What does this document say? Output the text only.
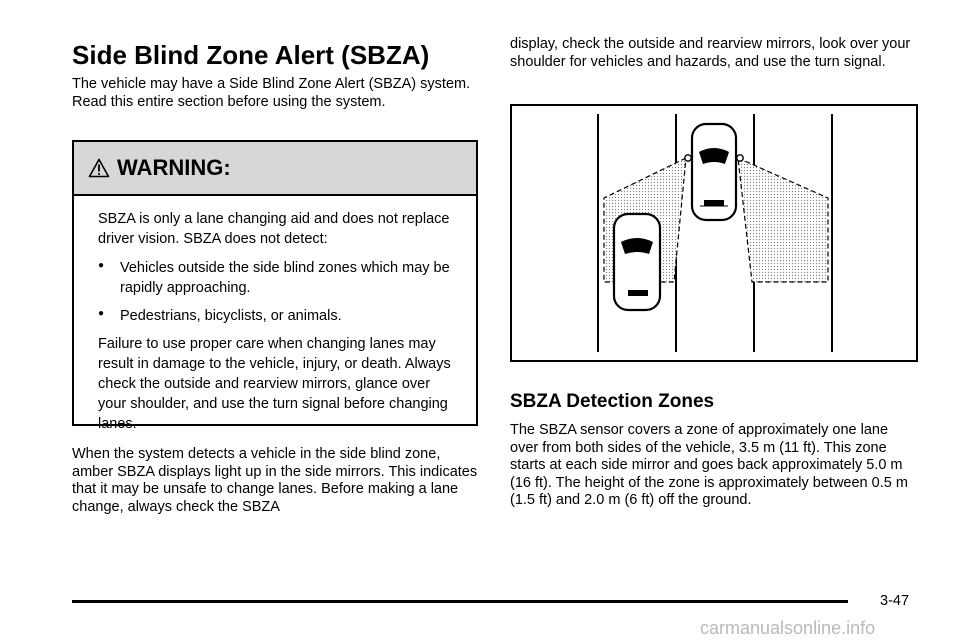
Side Blind Zone Alert (SBZA)

The vehicle may have a Side Blind Zone Alert (SBZA) system. Read this entire section before using the system.

WARNING:

SBZA is only a lane changing aid and does not replace driver vision. SBZA does not detect:

●	Vehicles outside the side blind zones which may be rapidly approaching.
●	Pedestrians, bicyclists, or animals.

Failure to use proper care when changing lanes may result in damage to the vehicle, injury, or death. Always check the outside and rearview mirrors, glance over your shoulder, and use the turn signal before changing lanes.

When the system detects a vehicle in the side blind zone, amber SBZA displays light up in the side mirrors. This indicates that it may be unsafe to change lanes. Before making a lane change, always check the SBZA

display, check the outside and rearview mirrors, look over your shoulder for vehicles and hazards, and use the turn signal.

SBZA Detection Zones

The SBZA sensor covers a zone of approximately one lane over from both sides of the vehicle, 3.5 m (11 ft). This zone starts at each side mirror and goes back approximately 5.0 m (16 ft). The height of the zone is approximately between 0.5 m (1.5 ft) and 2.0 m (6 ft) off the ground.

3-47
carmanualsonline.info
